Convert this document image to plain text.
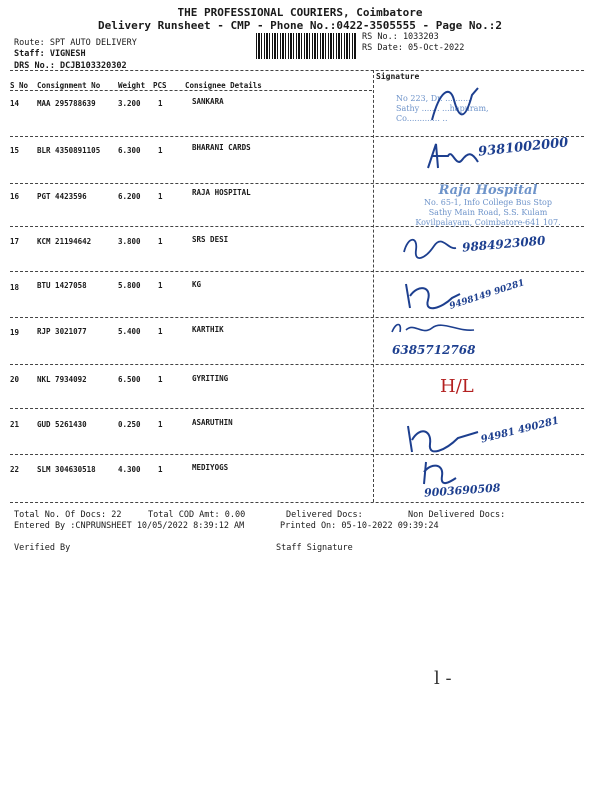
THE PROFESSIONAL COURIERS, Coimbatore
Delivery Runsheet - CMP - Phone No.:0422-3505555 - Page No.:2
Route: SPT AUTO DELIVERY
Staff: VIGNESH
DRS No.: DCJB103320302
RS No.: 1033203
RS Date: 05-Oct-2022
Signature
S No Consignment No Weight PCS Consignee Details
14 MAA 295788639	3.200 1	SANKARA
15 BLR 4350891105 6.300 1	BHARANI CARDS
16 PGT 4423596	6.200 1	RAJA HOSPITAL
17 KCM 21194642	3.800 1	SRS DESI
18 BTU 1427058	5.800 1	KG
19 RJP 3021077	5.400 1	KARTHIK
20 NKL 7934092	6.500 1	GYRITING
21 GUD 5261430	0.250 1	ASARUTHIN
22 SLM 304630518	4.300 1	MEDIYOGS
No 223, Dr. ..........
Sathy ....... ...hapuram,
Co............. ..
9381002000
Raja Hospital
No. 65-1, Info College Bus Stop
Sathy Main Road, S.S. Kulam
Kovilpalayam, Coimbatore-641 107.
9884923080
9498149 90281
6385712768
H/L
94981 490281
9003690508
Total No. Of Docs: 22	Total COD Amt: 0.00	Delivered Docs:	Non Delivered Docs:
Entered By :CNPRUNSHEET 10/05/2022 8:39:12 AM	Printed On: 05-10-2022 09:39:24
Verified By	Staff Signature
l -
